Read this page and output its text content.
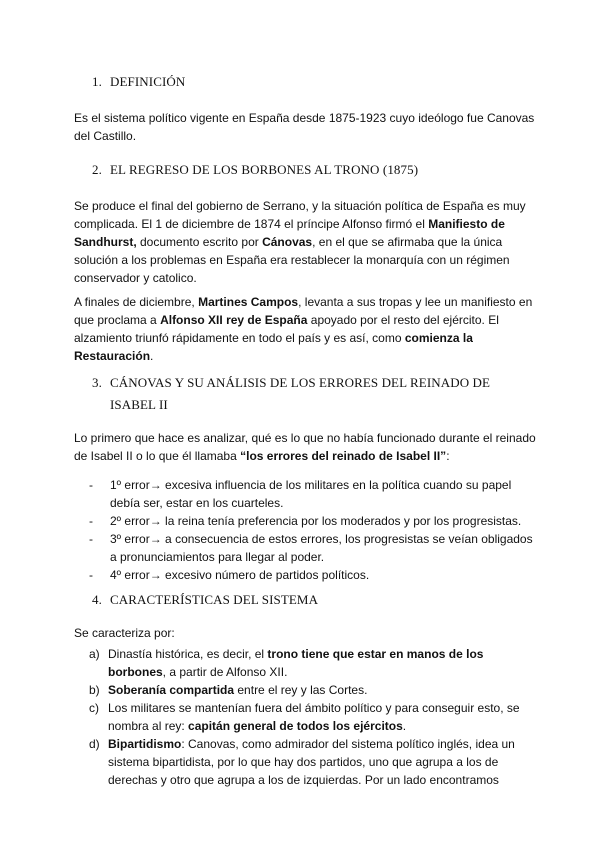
1. DEFINICIÓN

Es el sistema político vigente en España desde 1875-1923 cuyo ideólogo fue Canovas del Castillo.

2. EL REGRESO DE LOS BORBONES AL TRONO (1875)

Se produce el final del gobierno de Serrano, y la situación política de España es muy complicada. El 1 de diciembre de 1874 el príncipe Alfonso firmó el Manifiesto de Sandhurst, documento escrito por Cánovas, en el que se afirmaba que la única solución a los problemas en España era restablecer la monarquía con un régimen conservador y catolico.

A finales de diciembre, Martines Campos, levanta a sus tropas y lee un manifiesto en que proclama a Alfonso XII rey de España apoyado por el resto del ejército. El alzamiento triunfó rápidamente en todo el país y es así, como comienza la Restauración.

3. CÁNOVAS Y SU ANÁLISIS DE LOS ERRORES DEL REINADO DE ISABEL II

Lo primero que hace es analizar, qué es lo que no había funcionado durante el reinado de Isabel II o lo que él llamaba “los errores del reinado de Isabel II”:

- 1º error→ excesiva influencia de los militares en la política cuando su papel debía ser, estar en los cuarteles.
- 2º error→ la reina tenía preferencia por los moderados y por los progresistas.
- 3º error→ a consecuencia de estos errores, los progresistas se veían obligados a pronunciamientos para llegar al poder.
- 4º error→ excesivo número de partidos políticos.
4. CARACTERÍSTICAS DEL SISTEMA

Se caracteriza por:

a) Dinastía histórica, es decir, el trono tiene que estar en manos de los borbones, a partir de Alfonso XII.
b) Soberanía compartida entre el rey y las Cortes.
c) Los militares se mantenían fuera del ámbito político y para conseguir esto, se nombra al rey: capitán general de todos los ejércitos.
d) Bipartidismo: Canovas, como admirador del sistema político inglés, idea un sistema bipartidista, por lo que hay dos partidos, uno que agrupa a los de derechas y otro que agrupa a los de izquierdas. Por un lado encontramos
